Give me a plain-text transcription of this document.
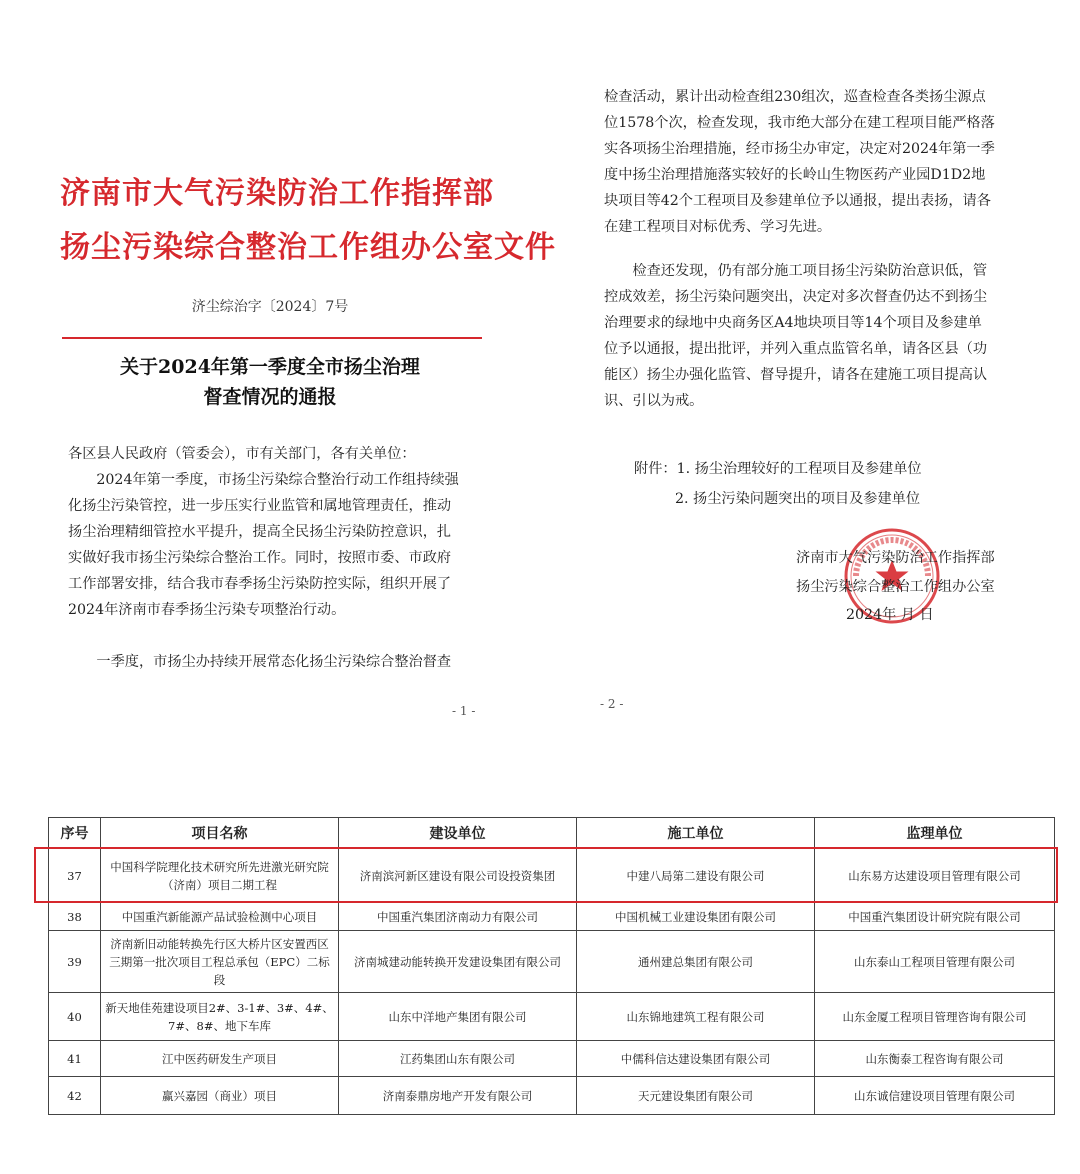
济南市大气污染防治工作指挥部
扬尘污染综合整治工作组办公室文件
济尘综治字〔2024〕7号
关于2024年第一季度全市扬尘治理
督查情况的通报
各区县人民政府（管委会），市有关部门，各有关单位：
　　2024年第一季度，市扬尘污染综合整治行动工作组持续强
化扬尘污染管控，进一步压实行业监管和属地管理责任，推动
扬尘治理精细管控水平提升，提高全民扬尘污染防控意识，扎
实做好我市扬尘污染综合整治工作。同时，按照市委、市政府
工作部署安排，结合我市春季扬尘污染防控实际，组织开展了
2024年济南市春季扬尘污染专项整治行动。
　　一季度，市扬尘办持续开展常态化扬尘污染综合整治督查
- 1 -
检查活动，累计出动检查组230组次，巡查检查各类扬尘源点
位1578个次，检查发现，我市绝大部分在建工程项目能严格落
实各项扬尘治理措施，经市扬尘办审定，决定对2024年第一季
度中扬尘治理措施落实较好的长岭山生物医药产业园D1D2地
块项目等42个工程项目及参建单位予以通报，提出表扬，请各
在建工程项目对标优秀、学习先进。
　　检查还发现，仍有部分施工项目扬尘污染防治意识低，管
控成效差，扬尘污染问题突出，决定对多次督查仍达不到扬尘
治理要求的绿地中央商务区A4地块项目等14个项目及参建单
位予以通报，提出批评，并列入重点监管名单，请各区县（功
能区）扬尘办强化监管、督导提升，请各在建施工项目提高认
识、引以为戒。
附件：1. 扬尘治理较好的工程项目及参建单位
2. 扬尘污染问题突出的项目及参建单位
济南市大气污染防治工作指挥部
扬尘污染综合整治工作组办公室
2024年 月 日
- 2 -
序号	项目名称	建设单位	施工单位	监理单位
37	中国科学院理化技术研究所先进激光研究院（济南）项目二期工程	济南滨河新区建设有限公司设投资集团	中建八局第二建设有限公司	山东易方达建设项目管理有限公司
38	中国重汽新能源产品试验检测中心项目	中国重汽集团济南动力有限公司	中国机械工业建设集团有限公司	中国重汽集团设计研究院有限公司
39	济南新旧动能转换先行区大桥片区安置西区三期第一批次项目工程总承包（EPC）二标段	济南城建动能转换开发建设集团有限公司	通州建总集团有限公司	山东泰山工程项目管理有限公司
40	新天地佳苑建设项目2#、3-1#、3#、4#、7#、8#、地下车库	山东中洋地产集团有限公司	山东锦地建筑工程有限公司	山东金厦工程项目管理咨询有限公司
41	江中医药研发生产项目	江药集团山东有限公司	中儒科信达建设集团有限公司	山东衡泰工程咨询有限公司
42	赢兴嘉园（商业）项目	济南泰鼎房地产开发有限公司	天元建设集团有限公司	山东诚信建设项目管理有限公司
